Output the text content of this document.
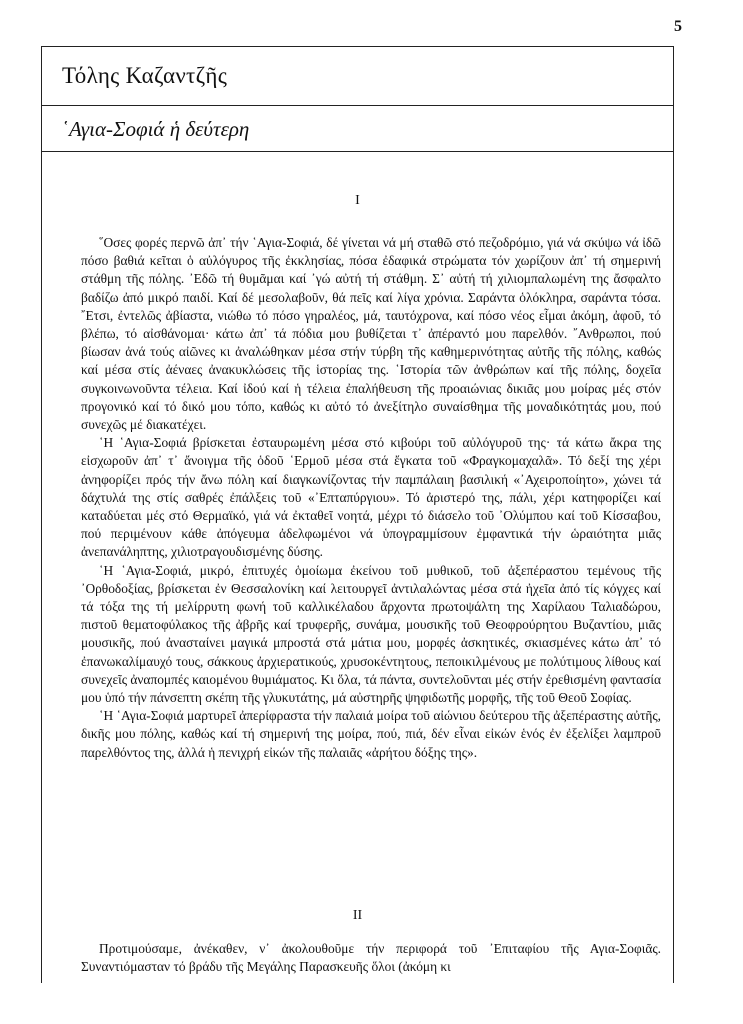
5
Τόλης Καζαντζῆς
῾Αγια-Σοφιά ἡ δεύτερη
I

῞Οσες φορές περνῶ ἀπ᾿ τήν ῾Αγια-Σοφιά, δέ γίνεται νά μή σταθῶ στό πεζοδρόμιο, γιά νά σκύψω νά ἰδῶ πόσο βαθιά κεῖται ὁ αὐλόγυρος τῆς ἐκκλησίας, πόσα ἐδαφικά στρώματα τόν χωρίζουν ἀπ᾿ τή σημερινή στάθμη τῆς πόλης. ᾿Εδῶ τή θυμᾶμαι καί ᾿γώ αὐτή τή στάθμη. Σ᾿ αὐτή τή χιλιομπαλωμένη της ἄσφαλτο βαδίζω ἀπό μικρό παιδί. Καί δέ μεσολαβοῦν, θά πεῖς καί λίγα χρόνια. Σαράντα ὁλόκληρα, σαράντα τόσα. ῎Ετσι, ἐντελῶς ἀβίαστα, νιώθω τό πόσο γηραλέος, μά, ταυτόχρονα, καί πόσο νέος εἶμαι ἀκόμη, ἀφοῦ, τό βλέπω, τό αἰσθάνομαι· κάτω ἀπ᾿ τά πόδια μου βυθίζεται τ᾿ ἀπέραντό μου παρελθόν. ῎Ανθρωποι, πού βίωσαν ἀνά τούς αἰῶνες κι ἀναλώθηκαν μέσα στήν τύρβη τῆς καθημερινότητας αὐτῆς τῆς πόλης, καθώς καί μέσα στίς ἀέναες ἀνακυκλώσεις τῆς ἱστορίας της. ῾Ιστορία τῶν ἀνθρώπων καί τῆς πόλης, δοχεῖα συγκοινωνοῦντα τέλεια. Καί ἰδού καί ἡ τέλεια ἐπαλήθευση τῆς προαιώνιας δικιᾶς μου μοίρας μές στόν προγονικό καί τό δικό μου τόπο, καθώς κι αὐτό τό ἀνεξίτηλο συναίσθημα τῆς μοναδικότητάς μου, πού συνεχῶς μέ διακατέχει.

῾Η ῾Αγια-Σοφιά βρίσκεται ἐσταυρωμένη μέσα στό κιβούρι τοῦ αὐλόγυροῦ της· τά κάτω ἄκρα της εἰσχωροῦν ἀπ᾿ τ᾿ ἄνοιγμα τῆς ὁδοῦ ῾Ερμοῦ μέσα στά ἔγκατα τοῦ «Φραγκομαχαλᾶ». Τό δεξί της χέρι ἀνηφορίζει πρός τήν ἄνω πόλη καί διαγκωνίζοντας τήν παμπάλαιη βασιλική «᾿Αχειροποίητο», χώνει τά δάχτυλά της στίς σαθρές ἐπάλξεις τοῦ «᾿Επταπύργιου». Τό ἀριστερό της, πάλι, χέρι κατηφορίζει καί καταδύεται μές στό Θερμαϊκό, γιά νά ἐκταθεῖ νοητά, μέχρι τό διάσελο τοῦ ᾿Ολύμπου καί τοῦ Κίσσαβου, πού περιμένουν κάθε ἀπόγευμα ἀδελφωμένοι νά ὑπογραμμίσουν ἐμφαντικά τήν ὡραιότητα μιᾶς ἀνεπανάληπτης, χιλιοτραγουδισμένης δύσης.

῾Η ῾Αγια-Σοφιά, μικρό, ἐπιτυχές ὁμοίωμα ἐκείνου τοῦ μυθικοῦ, τοῦ ἀξεπέραστου τεμένους τῆς ᾿Ορθοδοξίας, βρίσκεται ἐν Θεσσαλονίκη καί λειτουργεῖ ἀντιλαλώντας μέσα στά ἠχεῖα ἀπό τίς κόγχες καί τά τόξα της τή μελίρρυτη φωνή τοῦ καλλικέλαδου ἄρχοντα πρωτοψάλτη της Χαρίλαου Ταλιαδώρου, πιστοῦ θεματοφύλακος τῆς ἀβρῆς καί τρυφερῆς, συνάμα, μουσικῆς τοῦ Θεοφρούρητου Βυζαντίου, μιᾶς μουσικῆς, πού ἀνασταίνει μαγικά μπροστά στά μάτια μου, μορφές ἀσκητικές, σκιασμένες κάτω ἀπ᾿ τό ἐπανωκαλίμαυχό τους, σάκκους ἀρχιερατικούς, χρυσοκέντητους, πεποικιλμένους με πολύτιμους λίθους καί συνεχεῖς ἀναπομπές καιομένου θυμιάματος. Κι ὅλα, τά πάντα, συντελοῦνται μές στήν ἐρεθισμένη φαντασία μου ὑπό τήν πάνσεπτη σκέπη τῆς γλυκυτάτης, μά αὐστηρῆς ψηφιδωτῆς μορφῆς, τῆς τοῦ Θεοῦ Σοφίας.

῾Η ῾Αγια-Σοφιά μαρτυρεῖ ἀπερίφραστα τήν παλαιά μοίρα τοῦ αἰώνιου δεύτερου τῆς ἀξεπέραστης αὐτῆς, δικῆς μου πόλης, καθώς καί τή σημερινή της μοίρα, πού, πιά, δέν εἶναι εἰκών ἑνός ἐν ἐξελίξει λαμπροῦ παρελθόντος της, ἀλλά ἡ πενιχρή εἰκών τῆς παλαιᾶς «ἀρήτου δόξης της».

II

Προτιμούσαμε, ἀνέκαθεν, ν᾿ ἀκολουθοῦμε τήν περιφορά τοῦ ᾿Επιταφίου τῆς Αγια-Σοφιᾶς. Συναντιόμασταν τό βράδυ τῆς Μεγάλης Παρασκευῆς ὅλοι (ἀκόμη κι
